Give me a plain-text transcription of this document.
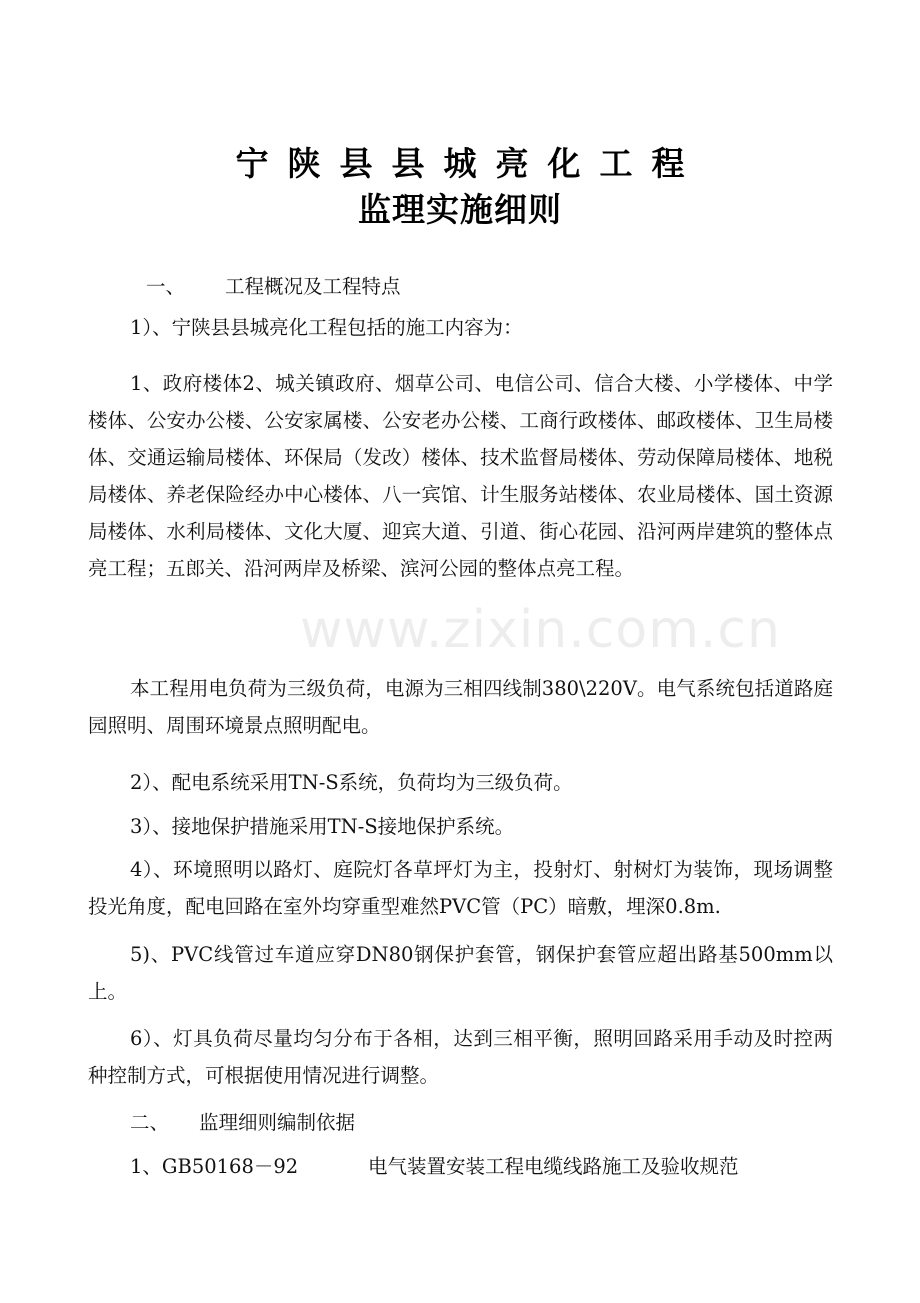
宁陕县县城亮化工程
监理实施细则
一、 工程概况及工程特点
1）、宁陕县县城亮化工程包括的施工内容为：
1、政府楼体2、城关镇政府、烟草公司、电信公司、信合大楼、小学楼体、中学楼体、公安办公楼、公安家属楼、公安老办公楼、工商行政楼体、邮政楼体、卫生局楼体、交通运输局楼体、环保局（发改）楼体、技术监督局楼体、劳动保障局楼体、地税局楼体、养老保险经办中心楼体、八一宾馆、计生服务站楼体、农业局楼体、国土资源局楼体、水利局楼体、文化大厦、迎宾大道、引道、街心花园、沿河两岸建筑的整体点亮工程；五郎关、沿河两岸及桥梁、滨河公园的整体点亮工程。
本工程用电负荷为三级负荷，电源为三相四线制380\220V。电气系统包括道路庭园照明、周围环境景点照明配电。
2）、配电系统采用TN-S系统，负荷均为三级负荷。
3）、接地保护措施采用TN-S接地保护系统。
4）、环境照明以路灯、庭院灯各草坪灯为主，投射灯、射树灯为装饰，现场调整投光角度，配电回路在室外均穿重型难然PVC管（PC）暗敷，埋深0.8m.
5)、PVC线管过车道应穿DN80钢保护套管，钢保护套管应超出路基500mm以上。
6）、灯具负荷尽量均匀分布于各相，达到三相平衡，照明回路采用手动及时控两种控制方式，可根据使用情况进行调整。
二、 监理细则编制依据
1、GB50168－92	电气装置安装工程电缆线路施工及验收规范
www.zixin.com.cn
